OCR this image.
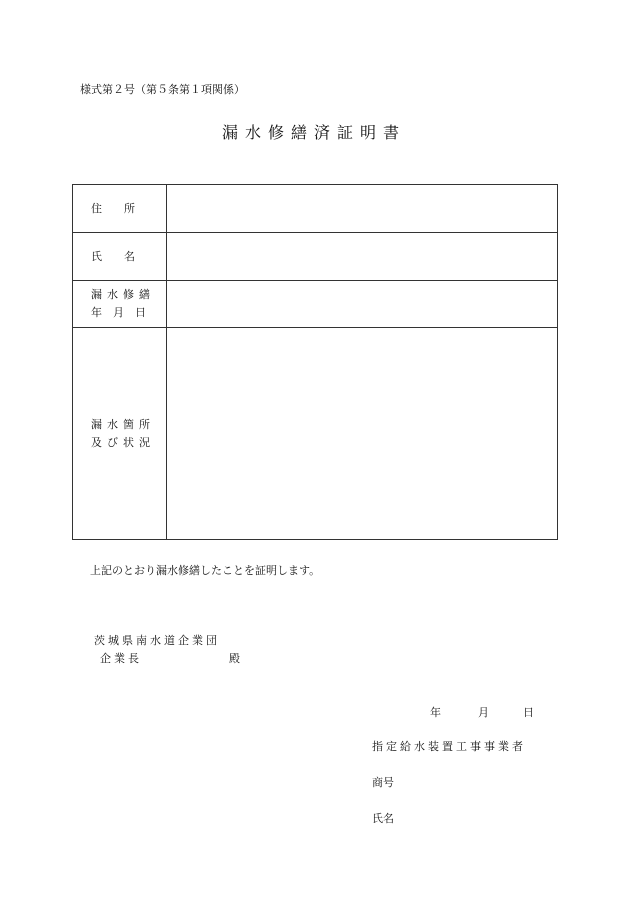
様式第２号（第５条第１項関係）
漏水修繕済証明書
住　　所	
氏　　名	

漏水修繕
年　月　日	

漏水箇所
及び状況	

上記のとおり漏水修繕したことを証明します。
茨城県南水道企業団
企業長	殿
年	月	日
指定給水装置工事事業者
商号
氏名
